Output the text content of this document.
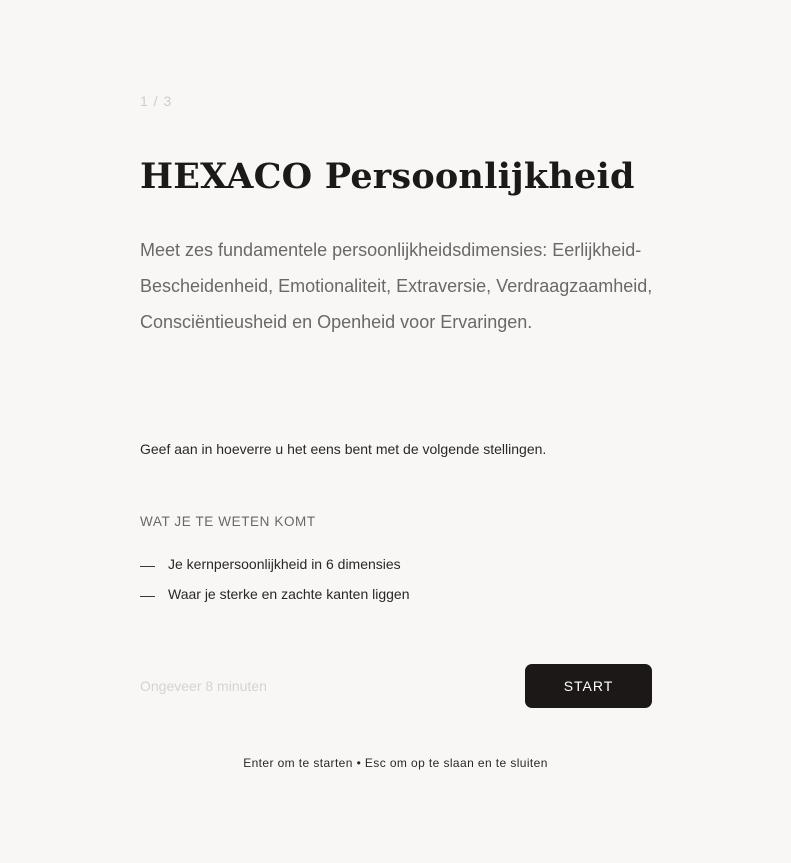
1 / 3
HEXACO Persoonlijkheid

Meet zes fundamentele persoonlijkheidsdimensies: Eerlijkheid-Bescheidenheid, Emotionaliteit, Extraversie, Verdraagzaamheid, Consciëntieusheid en Openheid voor Ervaringen.

Geef aan in hoeverre u het eens bent met de volgende stellingen.

WAT JE TE WETEN KOMT
Je kernpersoonlijkheid in 6 dimensies
Waar je sterke en zachte kanten liggen
Ongeveer 8 minuten	START
Enter om te starten • Esc om op te slaan en te sluiten
